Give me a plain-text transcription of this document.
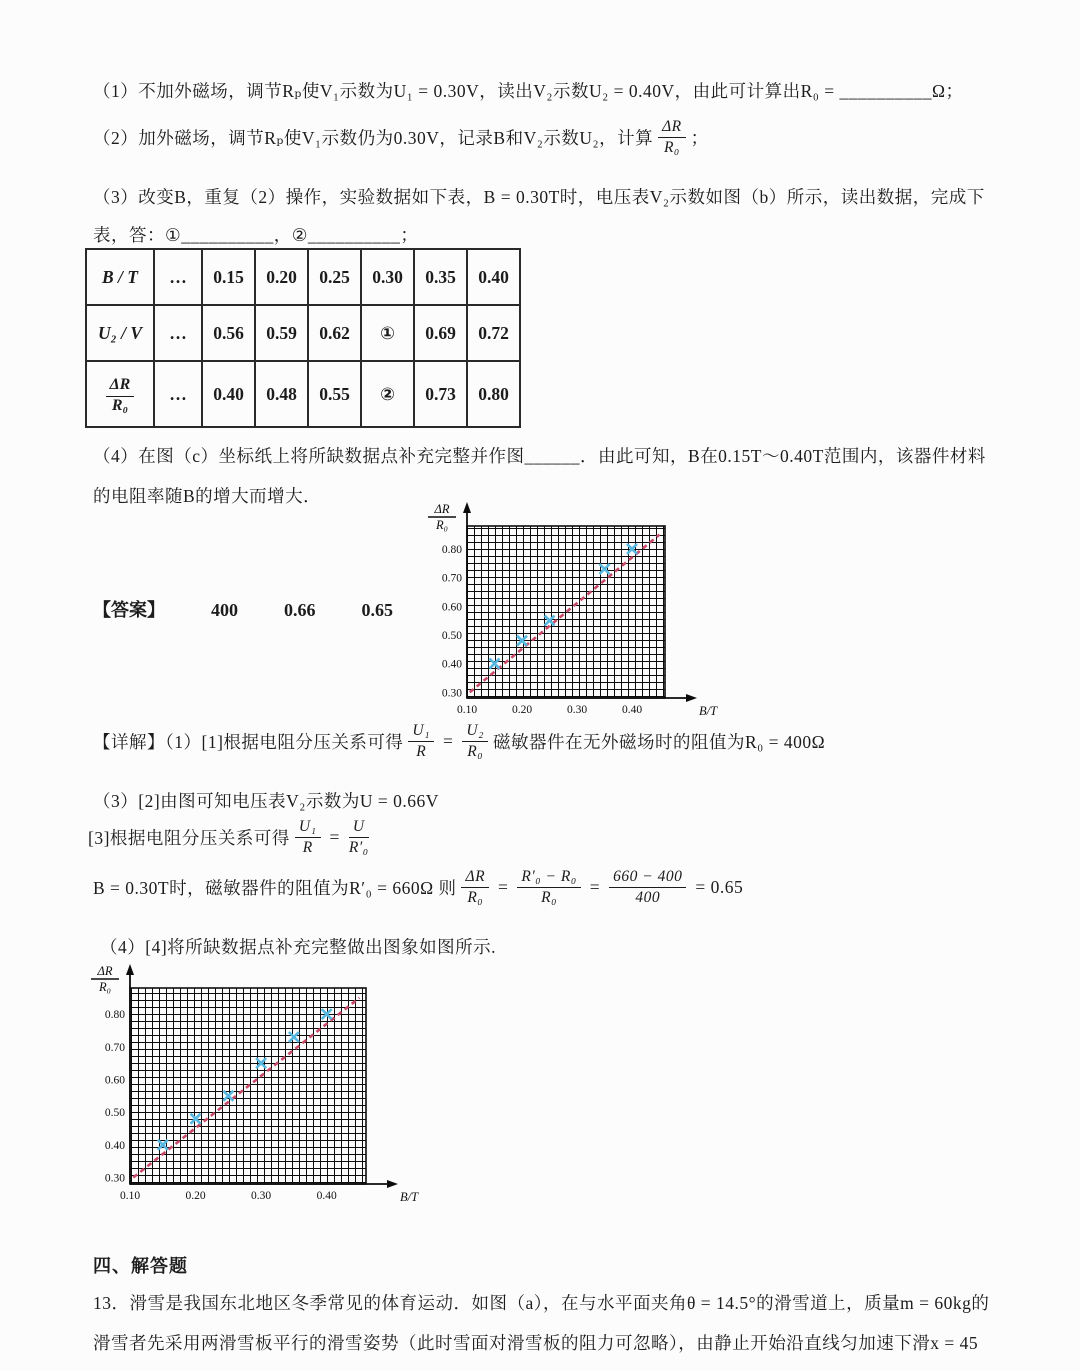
（1）不加外磁场，调节Rₚ使V₁示数为U₁ = 0.30V，读出V₂示数U₂ = 0.40V，由此可计算出R₀ = __________Ω；
（2）加外磁场，调节Rₚ使V₁示数仍为0.30V，记录B和V₂示数U₂，计算 $\frac{\Delta R}{\text{R₀}}$ ；
（3）改变B，重复（2）操作，实验数据如下表，B = 0.30T时，电压表V₂示数如图（b）所示，读出数据，完成下表，答：①__________，②__________；
B / T	…	0.15	0.20	0.25	0.30	0.35	0.40
U₂ / V	…	0.56	0.59	0.62	①	0.69	0.72

$\frac{\Delta R}{\text{R₀}}$	…	0.40	0.48	0.55	②	0.73	0.80
（4）在图（c）坐标纸上将所缺数据点补充完整并作图______．由此可知，B在0.15T～0.40T范围内，该器件材料的电阻率随B的增大而增大．
0.30
0.40
0.50
0.60
0.70
0.80
0.10	0.20	0.30	0.40
ΔR
R₀
B/T
【答案】	400	0.66	0.65
【详解】（1）[1]根据电阻分压关系可得 $\frac{\text{U₁}}{R} = \frac{\text{U₂}}{\text{R₀}}$ 磁敏器件在无外磁场时的阻值为R₀ = 400Ω
（3）[2]由图可知电压表V₂示数为U = 0.66V
[3]根据电阻分压关系可得 $\frac{\text{U₁}}{R} = \frac{U}{\text{R′₀}}$
B = 0.30T时，磁敏器件的阻值为R′₀ = 660Ω 则 $\frac{\Delta R}{\text{R₀}} = \frac{\text{R′₀ − R₀}}{\text{R₀}} = \frac{660 - 400}{400} = 0.65$
（4）[4]将所缺数据点补充完整做出图象如图所示.
0.30
0.40
0.50
0.60
0.70
0.80
0.10	0.20	0.30	0.40
ΔR
R₀
B/T
四、解答题
13．滑雪是我国东北地区冬季常见的体育运动．如图（a），在与水平面夹角θ = 14.5°的滑雪道上，质量m = 60kg的
滑雪者先采用两滑雪板平行的滑雪姿势（此时雪面对滑雪板的阻力可忽略），由静止开始沿直线匀加速下滑x = 45
